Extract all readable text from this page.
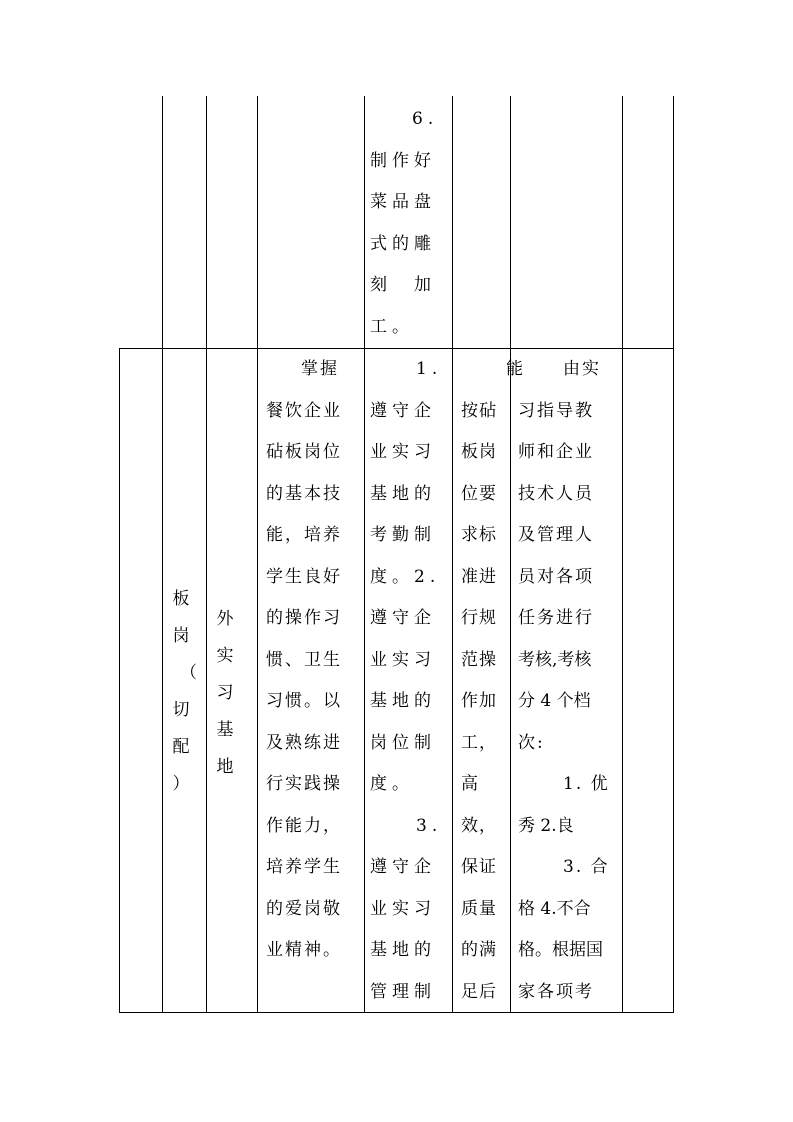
6.
制作好
菜品盘
式的雕
刻　加
工。
板
岗
（
切
配
）
外
实
习
基
地
　掌握
餐饮企业
砧板岗位
的基本技
能，培养
学生良好
的操作习
惯、卫生
习惯。以
及熟练进
行实践操
作能力，
培养学生
的爱岗敬
业精神。
　1.
遵守企
业实习
基地的
考勤制
度。2.
遵守企
业实习
基地的
岗位制
度。
　3.
遵守企
业实习
基地的
管理制
能
按砧
板岗
位要
求标
准进
行规
范操
作加
工，
高
效，
保证
质量
的满
足后
　由实
习指导教
师和企业
技术人员
及管理人
员对各项
任务进行
考核,考核
分 4 个档
次:
　1. 优
秀 2.良
　3. 合
格 4.不合
格。根据国
家各项考
